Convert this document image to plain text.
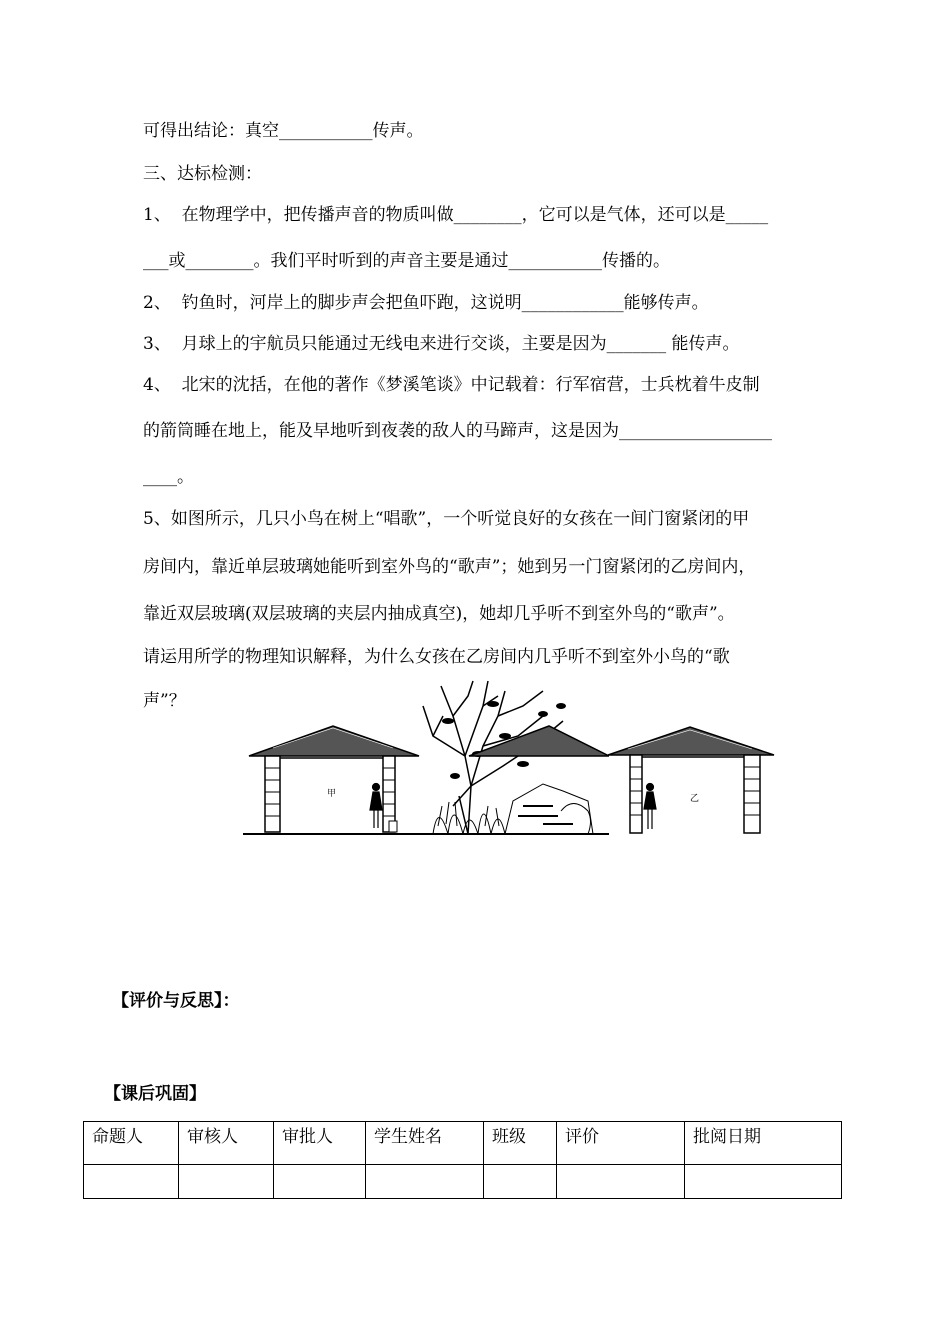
可得出结论：真空___________传声。
三、达标检测：
1、  在物理学中，把传播声音的物质叫做________，它可以是气体，还可以是_____
___或________。我们平时听到的声音主要是通过___________传播的。
2、  钓鱼时，河岸上的脚步声会把鱼吓跑，这说明____________能够传声。
3、  月球上的宇航员只能通过无线电来进行交谈，主要是因为_______ 能传声。
4、  北宋的沈括，在他的著作《梦溪笔谈》中记载着：行军宿营，士兵枕着牛皮制
的箭筒睡在地上，能及早地听到夜袭的敌人的马蹄声，这是因为__________________
____。
5、如图所示，几只小鸟在树上“唱歌”，一个听觉良好的女孩在一间门窗紧闭的甲
房间内，靠近单层玻璃她能听到室外鸟的“歌声”；她到另一门窗紧闭的乙房间内，
靠近双层玻璃(双层玻璃的夹层内抽成真空)，她却几乎听不到室外鸟的“歌声”。
请运用所学的物理知识解释，为什么女孩在乙房间内几乎听不到室外小鸟的“歌
声”？
甲	乙
【评价与反思】：
【课后巩固】
命题人	审核人	审批人	学生姓名	班级	评价	批阅日期
